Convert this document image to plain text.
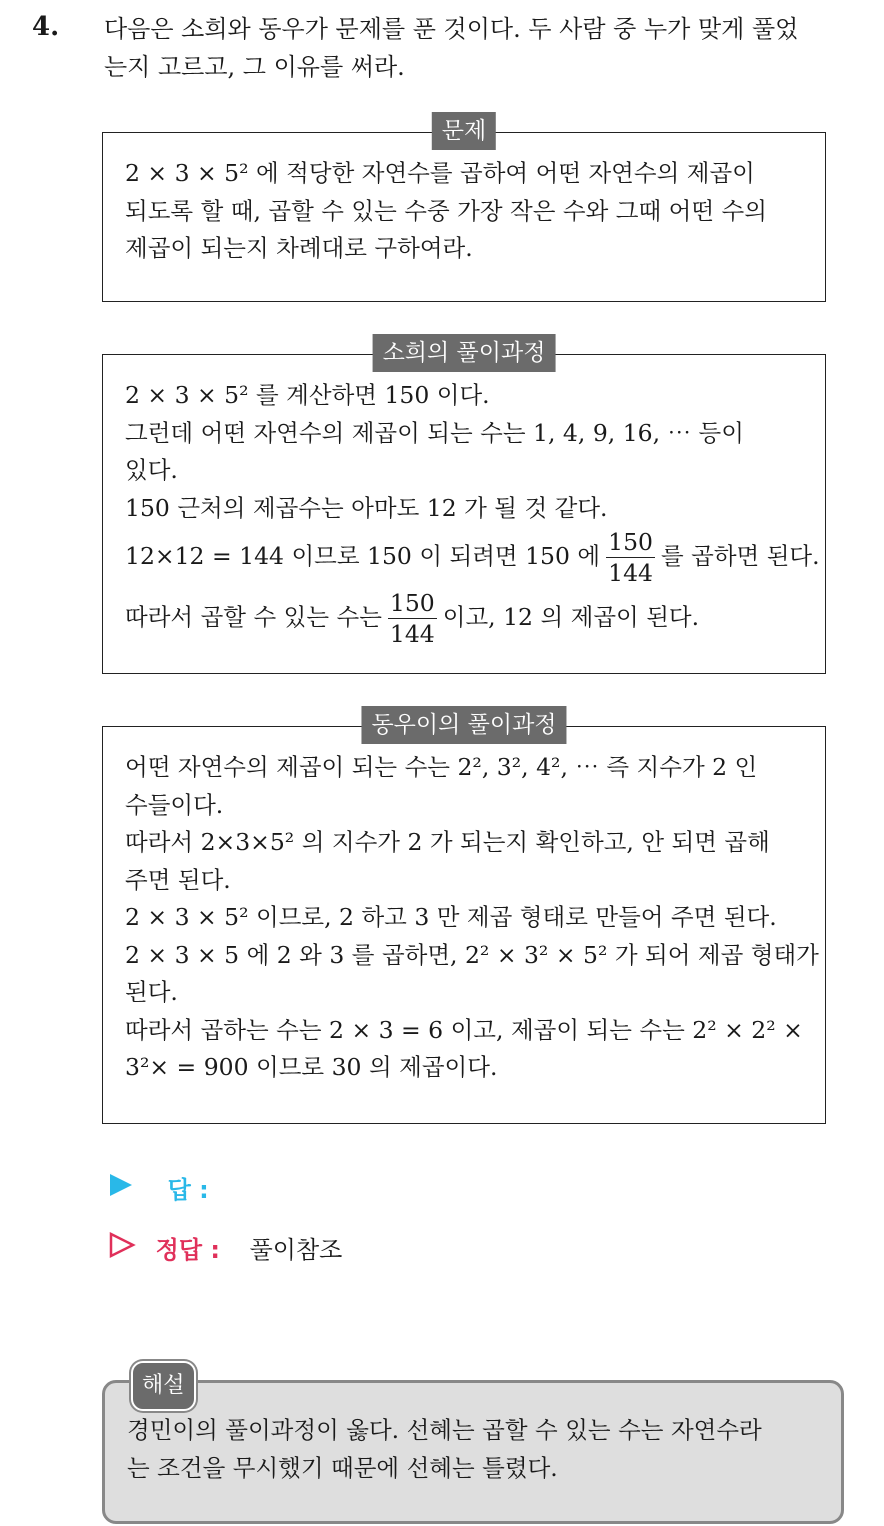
4. 다음은 소희와 동우가 문제를 푼 것이다. 두 사람 중 누가 맞게 풀었
는지 고르고, 그 이유를 써라.
문제
2 × 3 × 5² 에 적당한 자연수를 곱하여 어떤 자연수의 제곱이
되도록 할 때, 곱할 수 있는 수중 가장 작은 수와 그때 어떤 수의
제곱이 되는지 차례대로 구하여라.
소희의 풀이과정
2 × 3 × 5² 를 계산하면 150 이다.
그런데 어떤 자연수의 제곱이 되는 수는 1, 4, 9, 16, ⋯ 등이
있다.
150 근처의 제곱수는 아마도 12 가 될 것 같다.
12×12 = 144 이므로 150 이 되려면 150 에 $\frac{150}{144}$ 를 곱하면 된다.
따라서 곱할 수 있는 수는 $\frac{150}{144}$ 이고, 12 의 제곱이 된다.
동우이의 풀이과정
어떤 자연수의 제곱이 되는 수는 2², 3², 4², ⋯ 즉 지수가 2 인
수들이다.
따라서 2×3×5² 의 지수가 2 가 되는지 확인하고, 안 되면 곱해
주면 된다.
2 × 3 × 5² 이므로, 2 하고 3 만 제곱 형태로 만들어 주면 된다.
2 × 3 × 5 에 2 와 3 를 곱하면, 2² × 3² × 5² 가 되어 제곱 형태가
된다.
따라서 곱하는 수는 2 × 3 = 6 이고, 제곱이 되는 수는 2² × 2² ×
3²× = 900 이므로 30 의 제곱이다.
답 :
정답 : 풀이참조
해설
경민이의 풀이과정이 옳다. 선혜는 곱할 수 있는 수는 자연수라
는 조건을 무시했기 때문에 선혜는 틀렸다.
